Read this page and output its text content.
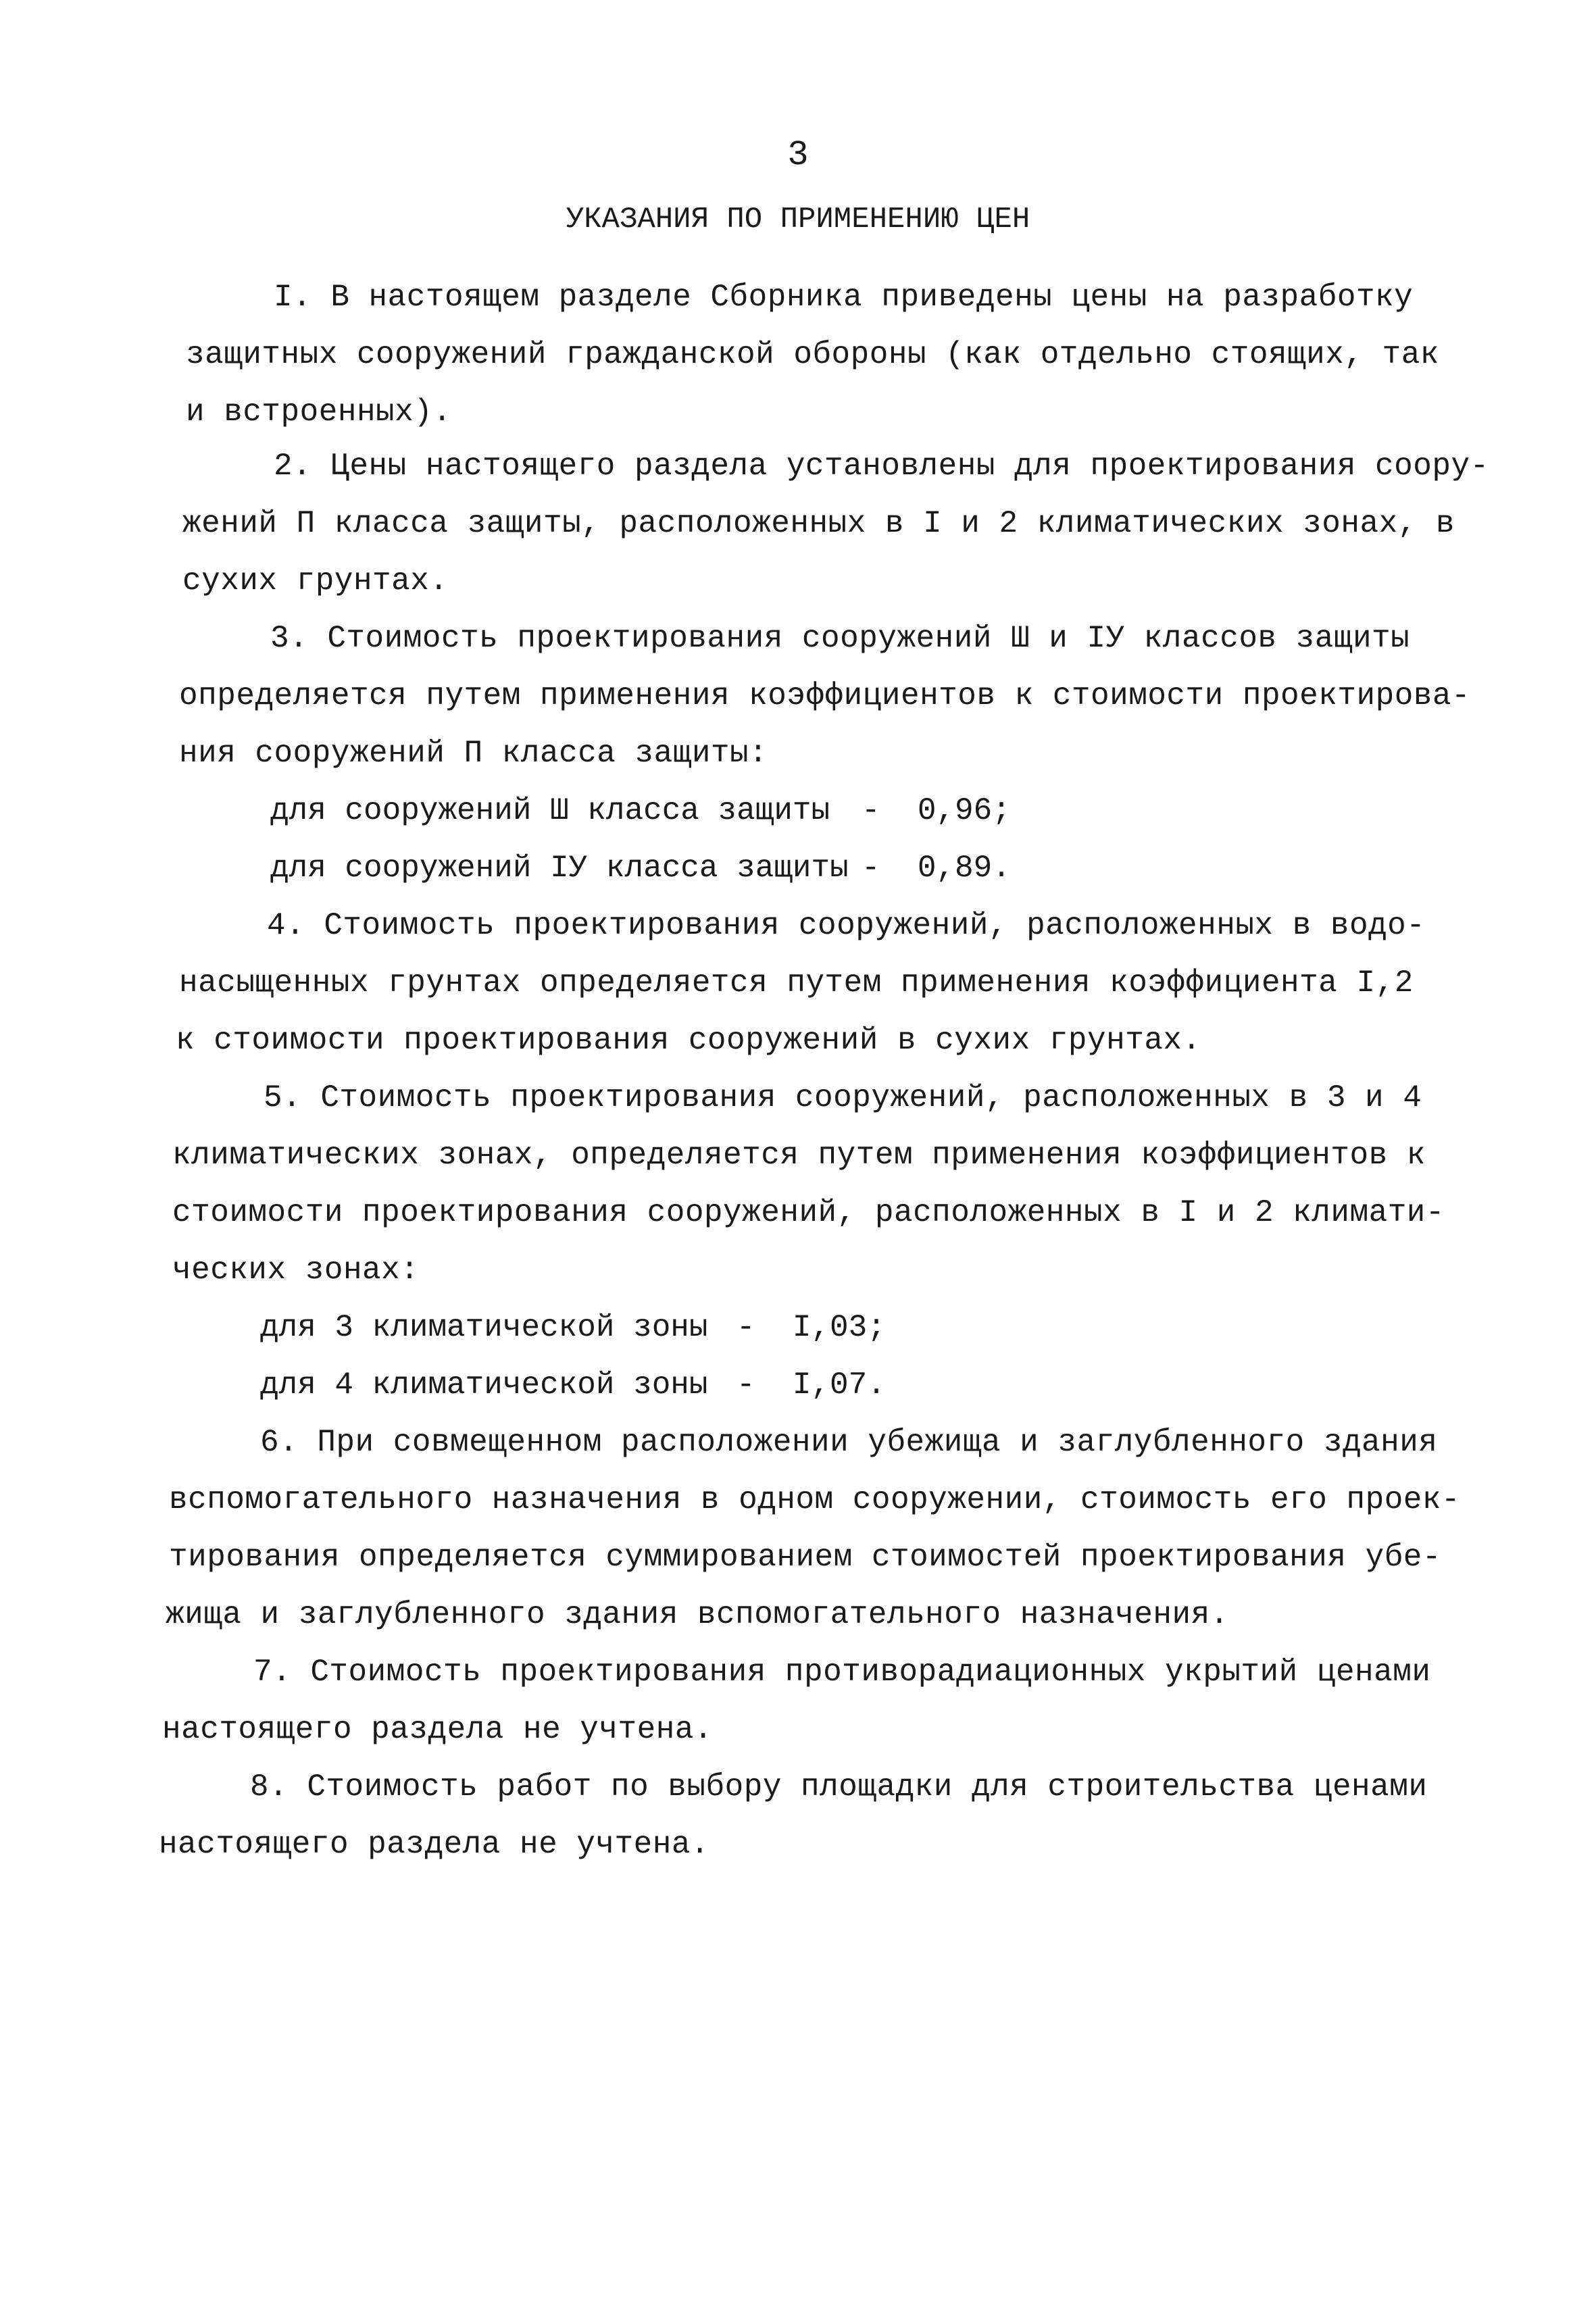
3
УКАЗАНИЯ ПО ПРИМЕНЕНИЮ ЦЕН
I. В настоящем разделе Сборника приведены цены на разработку
защитных сооружений гражданской обороны (как отдельно стоящих, так
и встроенных).
2. Цены настоящего раздела установлены для проектирования соору-
жений П класса защиты, расположенных в I и 2 климатических зонах, в
сухих грунтах.
3. Стоимость проектирования сооружений Ш и IУ классов защиты
определяется путем применения коэффициентов к стоимости проектирова-
ния сооружений П класса защиты:
для сооружений Ш класса защиты -  0,96;
для сооружений IУ класса защиты -  0,89.
4. Стоимость проектирования сооружений, расположенных в водо-
насыщенных грунтах определяется путем применения коэффициента I,2
к стоимости проектирования сооружений в сухих грунтах.
5. Стоимость проектирования сооружений, расположенных в 3 и 4
климатических зонах, определяется путем применения коэффициентов к
стоимости проектирования сооружений, расположенных в I и 2 климати-
ческих зонах:
для 3 климатической зоны -  I,03;
для 4 климатической зоны -  I,07.
6. При совмещенном расположении убежища и заглубленного здания
вспомогательного назначения в одном сооружении, стоимость его проек-
тирования определяется суммированием стоимостей проектирования убе-
жища и заглубленного здания вспомогательного назначения.
7. Стоимость проектирования противорадиационных укрытий ценами
настоящего раздела не учтена.
8. Стоимость работ по выбору площадки для строительства ценами
настоящего раздела не учтена.
